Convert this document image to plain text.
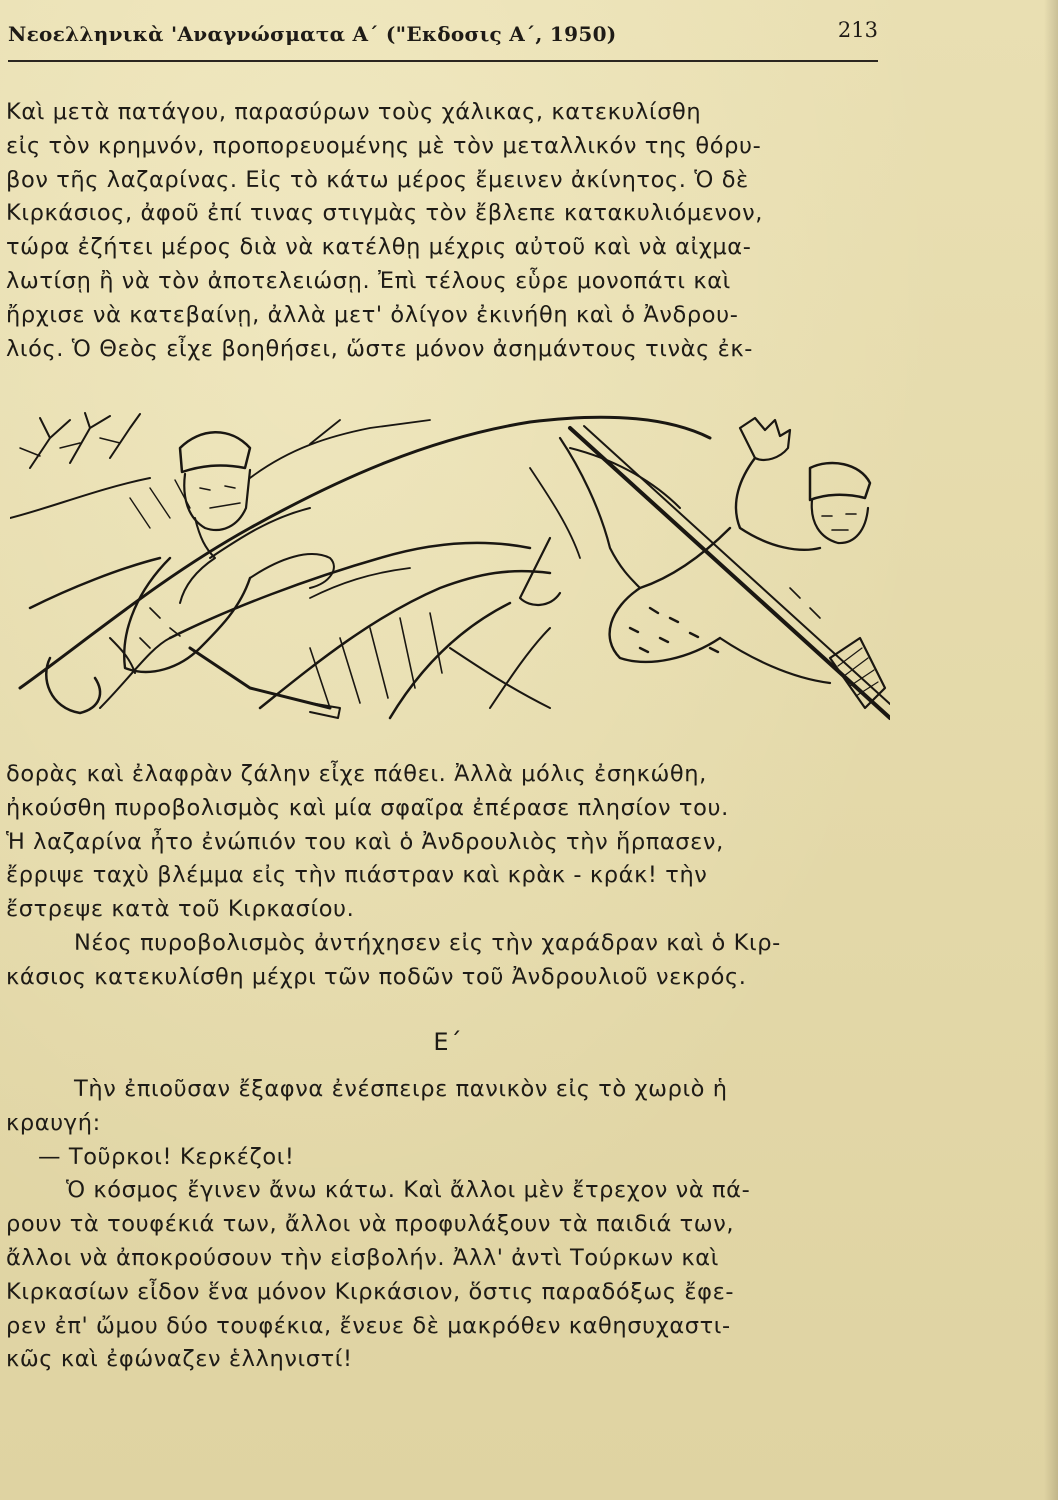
Νεοελληνικὰ 'Αναγνώσματα Α΄ ("Εκδοσις Α΄, 1950)	213
Καὶ μετὰ πατάγου, παρασύρων τοὺς χάλικας, κατεκυλίσθη
εἰς τὸν κρημνόν, προπορευομένης μὲ τὸν μεταλλικόν της θόρυ-
βον τῆς λαζαρίνας. Εἰς τὸ κάτω μέρος ἔμεινεν ἀκίνητος. Ὁ δὲ
Κιρκάσιος, ἀφοῦ ἐπί τινας στιγμὰς τὸν ἔβλεπε κατακυλιόμενον,
τώρα ἐζήτει μέρος διὰ νὰ κατέλθῃ μέχρις αὐτοῦ καὶ νὰ αἰχμα-
λωτίσῃ ἢ νὰ τὸν ἀποτελειώσῃ. Ἐπὶ τέλους εὗρε μονοπάτι καὶ
ἤρχισε νὰ κατεβαίνῃ, ἀλλὰ μετ' ὀλίγον ἐκινήθη καὶ ὁ Ἀνδρου-
λιός. Ὁ Θεὸς εἶχε βοηθήσει, ὥστε μόνον ἀσημάντους τινὰς ἐκ-
δορὰς καὶ ἐλαφρὰν ζάλην εἶχε πάθει. Ἀλλὰ μόλις ἐσηκώθη,
ἠκούσθη πυροβολισμὸς καὶ μία σφαῖρα ἐπέρασε πλησίον του.
Ἡ λαζαρίνα ἦτο ἐνώπιόν του καὶ ὁ Ἀνδρουλιὸς τὴν ἥρπασεν,
ἔρριψε ταχὺ βλέμμα εἰς τὴν πιάστραν καὶ κρὰκ - κράκ! τὴν
ἔστρεψε κατὰ τοῦ Κιρκασίου.
Νέος πυροβολισμὸς ἀντήχησεν εἰς τὴν χαράδραν καὶ ὁ Κιρ-
κάσιος κατεκυλίσθη μέχρι τῶν ποδῶν τοῦ Ἀνδρουλιοῦ νεκρός.
Ε΄
Τὴν ἐπιοῦσαν ἔξαφνα ἐνέσπειρε πανικὸν εἰς τὸ χωριὸ ἡ
κραυγή:
— Τοῦρκοι! Κερκέζοι!
Ὁ κόσμος ἔγινεν ἄνω κάτω. Καὶ ἄλλοι μὲν ἔτρεχον νὰ πά-
ρουν τὰ τουφέκιά των, ἄλλοι νὰ προφυλάξουν τὰ παιδιά των,
ἄλλοι νὰ ἀποκρούσουν τὴν εἰσβολήν. Ἀλλ' ἀντὶ Τούρκων καὶ
Κιρκασίων εἶδον ἕνα μόνον Κιρκάσιον, ὅστις παραδόξως ἔφε-
ρεν ἐπ' ὤμου δύο τουφέκια, ἔνευε δὲ μακρόθεν καθησυχαστι-
κῶς καὶ ἐφώναζεν ἑλληνιστί!
